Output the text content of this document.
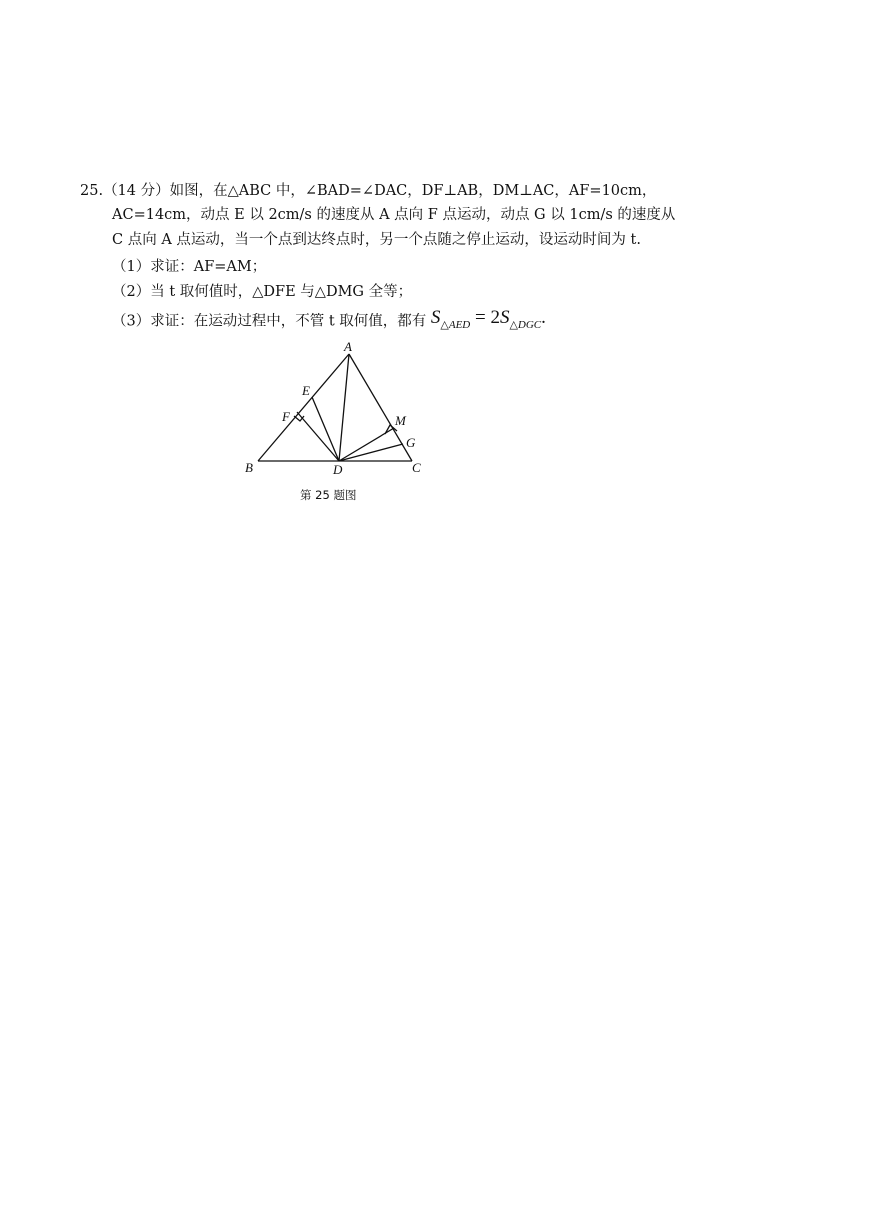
25.（14 分）如图，在△ABC 中，∠BAD=∠DAC，DF⊥AB，DM⊥AC，AF=10cm，
AC=14cm，动点 E 以 2cm/s 的速度从 A 点向 F 点运动，动点 G 以 1cm/s 的速度从
C 点向 A 点运动，当一个点到达终点时，另一个点随之停止运动，设运动时间为 t.
（1）求证：AF=AM；
（2）当 t 取何值时，△DFE 与△DMG 全等；
（3）求证：在运动过程中，不管 t 取何值，都有 $S_{\triangle AED} = 2S_{\triangle DGC}$.
A
B	C
D
E
F
G
M
第 25 题图
